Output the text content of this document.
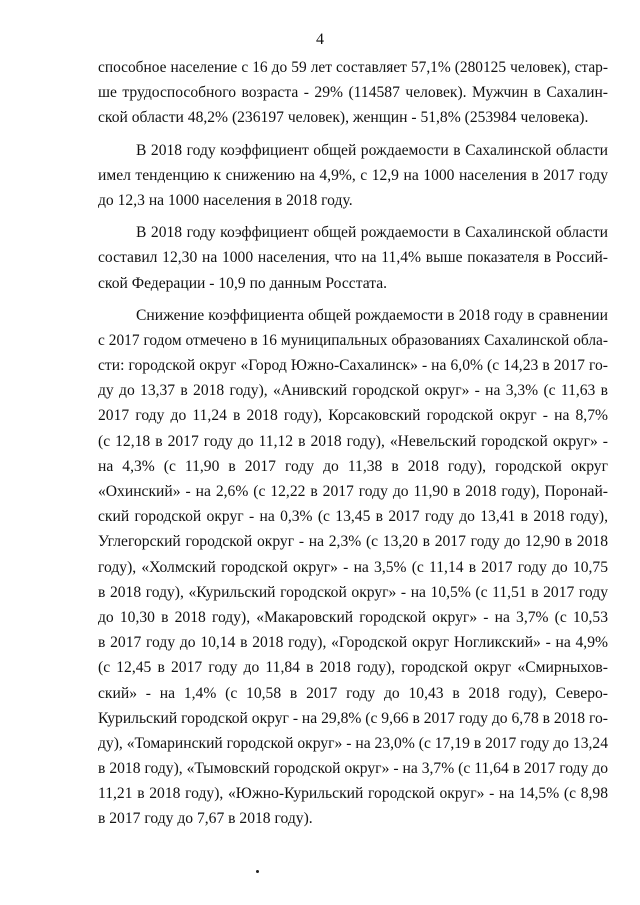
4
способное население с 16 до 59 лет составляет 57,1% (280125 человек), стар-
ше трудоспособного возраста - 29% (114587 человек). Мужчин в Сахалин-
ской области 48,2% (236197 человек), женщин - 51,8% (253984 человека).
В 2018 году коэффициент общей рождаемости в Сахалинской области
имел тенденцию к снижению на 4,9%, с 12,9 на 1000 населения в 2017 году
до 12,3 на 1000 населения в 2018 году.
В 2018 году коэффициент общей рождаемости в Сахалинской области
составил 12,30 на 1000 населения, что на 11,4% выше показателя в Россий-
ской Федерации - 10,9 по данным Росстата.
Снижение коэффициента общей рождаемости в 2018 году в сравнении
с 2017 годом отмечено в 16 муниципальных образованиях Сахалинской обла-
сти: городской округ «Город Южно-Сахалинск» - на 6,0% (с 14,23 в 2017 го-
ду до 13,37 в 2018 году), «Анивский городской округ» - на 3,3% (с 11,63 в
2017 году до 11,24 в 2018 году), Корсаковский городской округ - на 8,7%
(с 12,18 в 2017 году до 11,12 в 2018 году), «Невельский городской округ» -
на 4,3% (с 11,90 в 2017 году до 11,38 в 2018 году), городской округ
«Охинский» - на 2,6% (с 12,22 в 2017 году до 11,90 в 2018 году), Поронай-
ский городской округ - на 0,3% (с 13,45 в 2017 году до 13,41 в 2018 году),
Углегорский городской округ - на 2,3% (с 13,20 в 2017 году до 12,90 в 2018
году), «Холмский городской округ» - на 3,5% (с 11,14 в 2017 году до 10,75
в 2018 году), «Курильский городской округ» - на 10,5% (с 11,51 в 2017 году
до 10,30 в 2018 году), «Макаровский городской округ» - на 3,7% (с 10,53
в 2017 году до 10,14 в 2018 году), «Городской округ Ногликский» - на 4,9%
(с 12,45 в 2017 году до 11,84 в 2018 году), городской округ «Смирныхов-
ский» - на 1,4% (с 10,58 в 2017 году до 10,43 в 2018 году), Северо-
Курильский городской округ - на 29,8% (с 9,66 в 2017 году до 6,78 в 2018 го-
ду), «Томаринский городской округ» - на 23,0% (с 17,19 в 2017 году до 13,24
в 2018 году), «Тымовский городской округ» - на 3,7% (с 11,64 в 2017 году до
11,21 в 2018 году), «Южно-Курильский городской округ» - на 14,5% (с 8,98
в 2017 году до 7,67 в 2018 году).
